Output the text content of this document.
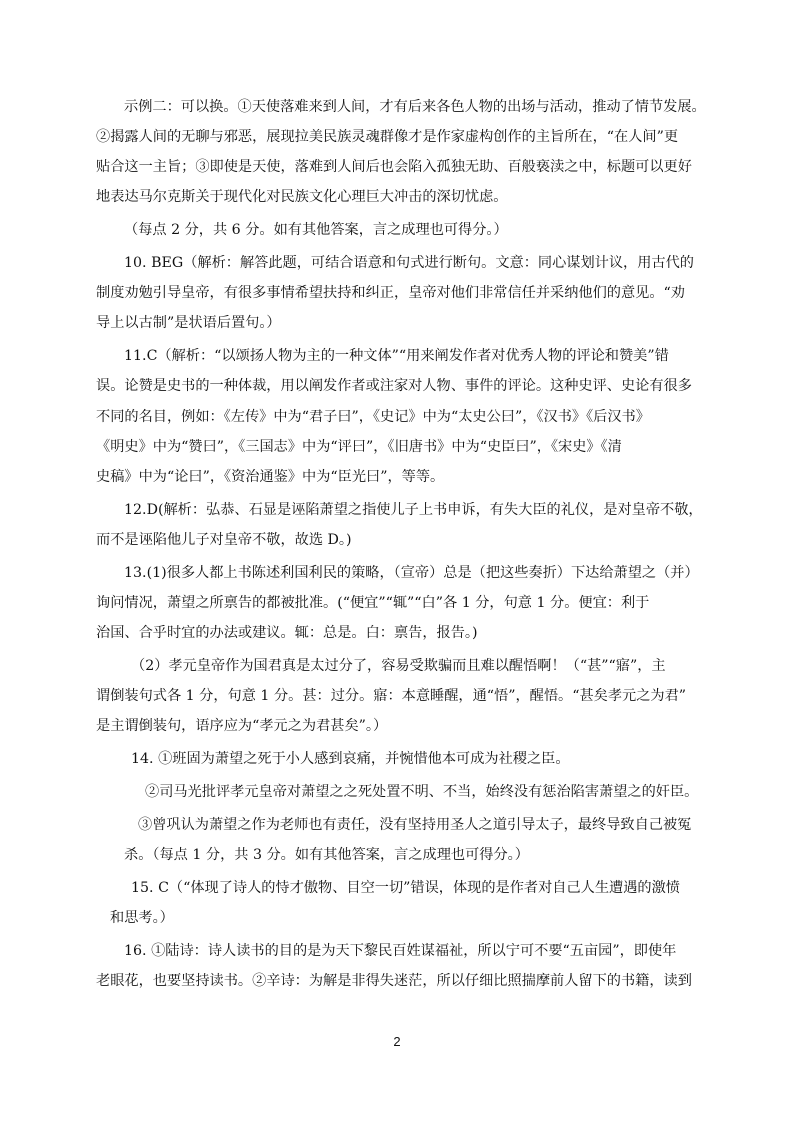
示例二：可以换。①天使落难来到人间，才有后来各色人物的出场与活动，推动了情节发展。
②揭露人间的无聊与邪恶，展现拉美民族灵魂群像才是作家虚构创作的主旨所在，“在人间”更
贴合这一主旨；③即使是天使，落难到人间后也会陷入孤独无助、百般亵渎之中，标题可以更好
地表达马尔克斯关于现代化对民族文化心理巨大冲击的深切忧虑。
（每点 2 分，共 6 分。如有其他答案，言之成理也可得分。）
10. BEG（解析：解答此题，可结合语意和句式进行断句。文意：同心谋划计议，用古代的
制度劝勉引导皇帝，有很多事情希望扶持和纠正，皇帝对他们非常信任并采纳他们的意见。“劝
导上以古制”是状语后置句。）
11.C（解析：“以颂扬人物为主的一种文体”“用来阐发作者对优秀人物的评论和赞美”错
误。论赞是史书的一种体裁，用以阐发作者或注家对人物、事件的评论。这种史评、史论有很多
不同的名目，例如：《左传》中为“君子曰”，《史记》中为“太史公曰”，《汉书》《后汉书》
《明史》中为“赞曰”，《三国志》中为“评曰”，《旧唐书》中为“史臣曰”，《宋史》《清
史稿》中为“论曰”，《资治通鉴》中为“臣光曰”，等等。
12.D(解析：弘恭、石显是诬陷萧望之指使儿子上书申诉，有失大臣的礼仪，是对皇帝不敬，
而不是诬陷他儿子对皇帝不敬，故选 D。)
13.(1)很多人都上书陈述利国利民的策略，（宣帝）总是（把这些奏折）下达给萧望之（并）
询问情况，萧望之所禀告的都被批准。(“便宜”“辄”“白”各 1 分，句意 1 分。便宜：利于
治国、合乎时宜的办法或建议。辄：总是。白：禀告，报告。)
（2）孝元皇帝作为国君真是太过分了，容易受欺骗而且难以醒悟啊！（“甚”“寤”，主
谓倒装句式各 1 分，句意 1 分。甚：过分。寤：本意睡醒，通“悟”，醒悟。“甚矣孝元之为君”
是主谓倒装句，语序应为“孝元之为君甚矣”。）
14. ①班固为萧望之死于小人感到哀痛，并惋惜他本可成为社稷之臣。
②司马光批评孝元皇帝对萧望之之死处置不明、不当，始终没有惩治陷害萧望之的奸臣。
③曾巩认为萧望之作为老师也有责任，没有坚持用圣人之道引导太子，最终导致自己被冤
杀。（每点 1 分，共 3 分。如有其他答案，言之成理也可得分。）
15. C（“体现了诗人的恃才傲物、目空一切”错误，体现的是作者对自己人生遭遇的激愤
和思考。）
16. ①陆诗：诗人读书的目的是为天下黎民百姓谋福祉，所以宁可不要“五亩园”，即使年
老眼花，也要坚持读书。②辛诗：为解是非得失迷茫，所以仔细比照揣摩前人留下的书籍，读到
2
